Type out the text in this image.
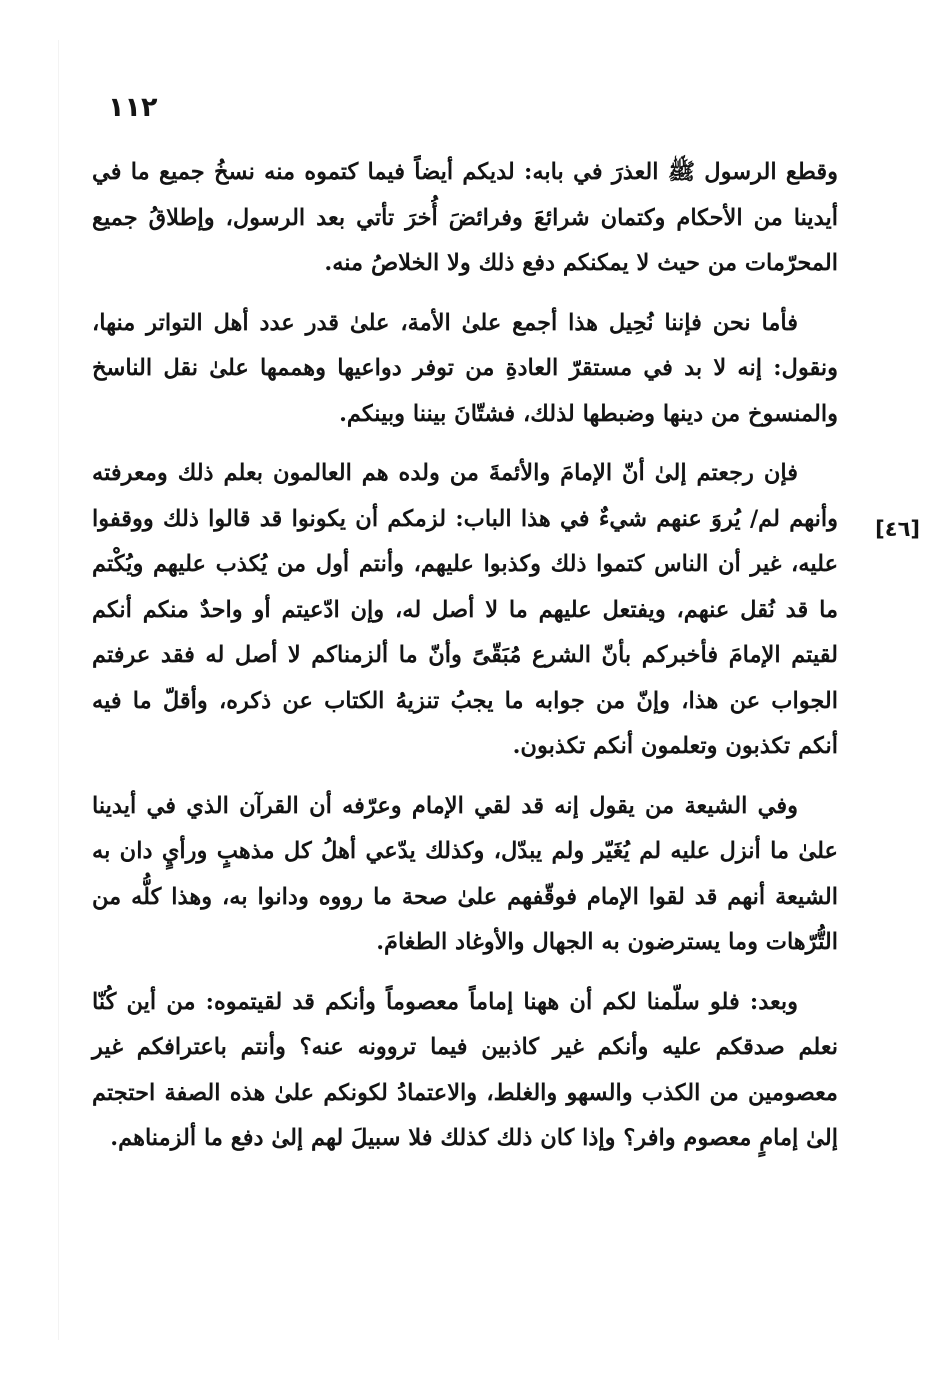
١١٢
[٤٦]

وقطع الرسول ﷺ العذرَ في بابه: لديكم أيضاً فيما كتموه منه نسخُ جميع ما في أيدينا من الأحكام وكتمان شرائعَ وفرائضَ أُخرَ تأتي بعد الرسول، وإطلاقُ جميع المحرّمات من حيث لا يمكنكم دفع ذلك ولا الخلاصُ منه.

فأما نحن فإننا نُحِيل هذا أجمع علىٰ الأمة، علىٰ قدر عدد أهل التواتر منها، ونقول: إنه لا بد في مستقرّ العادةِ من توفر دواعيها وهممها علىٰ نقل الناسخ والمنسوخ من دينها وضبطها لذلك، فشتّانَ بيننا وبينكم.

فإن رجعتم إلىٰ أنّ الإمامَ والأئمةَ من ولده هم العالمون بعلم ذلك ومعرفته وأنهم لم/ يُروَ عنهم شيءٌ في هذا الباب: لزمكم أن يكونوا قد قالوا ذلك ووقفوا عليه، غير أن الناس كتموا ذلك وكذبوا عليهم، وأنتم أول من يُكذب عليهم ويُكْتم ما قد نُقل عنهم، ويفتعل عليهم ما لا أصل له، وإن ادّعيتم أو واحدٌ منكم أنكم لقيتم الإمامَ فأخبركم بأنّ الشرع مُبَقّىً وأنّ ما ألزمناكم لا أصل له فقد عرفتم الجواب عن هذا، وإنّ من جوابه ما يجبُ تنزيهُ الكتاب عن ذكره، وأقلّ ما فيه أنكم تكذبون وتعلمون أنكم تكذبون.

وفي الشيعة من يقول إنه قد لقي الإمام وعرّفه أن القرآن الذي في أيدينا علىٰ ما أنزل عليه لم يُغَيّر ولم يبدّل، وكذلك يدّعي أهلُ كل مذهبٍ ورأيٍ دان به الشيعة أنهم قد لقوا الإمام فوقّفهم علىٰ صحة ما رووه ودانوا به، وهذا كلُّه من التُّرّهات وما يسترضون به الجهال والأوغاد الطغامَ.

وبعد: فلو سلّمنا لكم أن ههنا إماماً معصوماً وأنكم قد لقيتموه: من أين كُنّا نعلم صدقكم عليه وأنكم غير كاذبين فيما تروونه عنه؟ وأنتم باعترافكم غير معصومين من الكذب والسهو والغلط، والاعتمادُ لكونكم علىٰ هذه الصفة احتجتم إلىٰ إمامٍ معصوم وافر؟ وإذا كان ذلك كذلك فلا سبيلَ لهم إلىٰ دفع ما ألزمناهم.
